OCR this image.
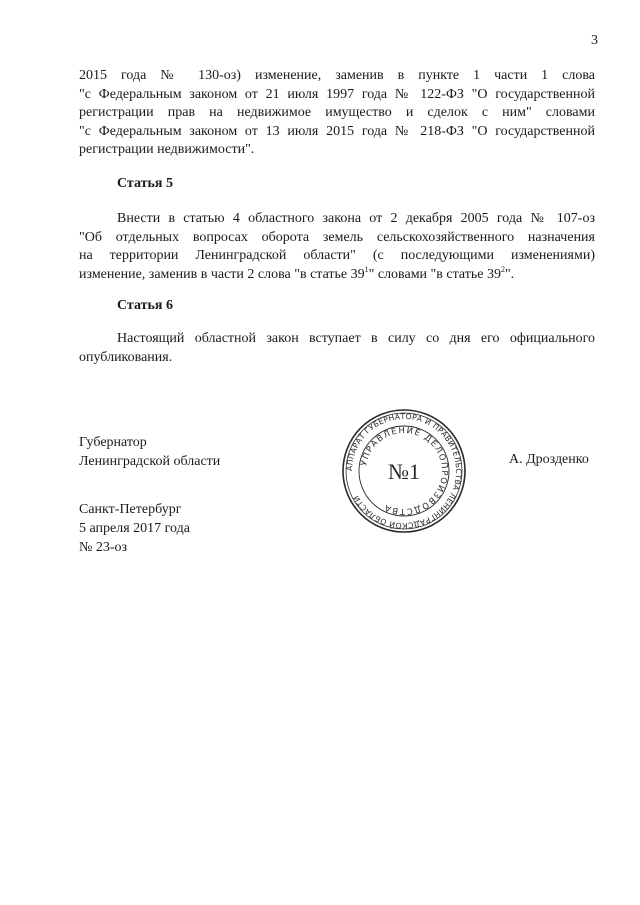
3
2015 года № 130-оз) изменение, заменив в пункте 1 части 1 слова
"с Федеральным законом от 21 июля 1997 года № 122-ФЗ "О государственной
регистрации прав на недвижимое имущество и сделок с ним" словами
"с Федеральным законом от 13 июля 2015 года № 218-ФЗ "О государственной
регистрации недвижимости".
Статья 5
Внести в статью 4 областного закона от 2 декабря 2005 года № 107-оз
"Об отдельных вопросах оборота земель сельскохозяйственного назначения
на территории Ленинградской области" (с последующими изменениями)
изменение, заменив в части 2 слова "в статье $39^1$" словами "в статье $39^2$".
Статья 6
Настоящий областной закон вступает в силу со дня его официального
опубликования.
Губернатор
Ленинградской области	А. Дрозденко
АППАРАТ ГУБЕРНАТОРА И ПРАВИТЕЛЬСТВА ЛЕНИНГРАДСКОЙ ОБЛАСТИ
УПРАВЛЕНИЕ ДЕЛОПРОИЗВОДСТВА
№1
Санкт-Петербург
5 апреля 2017 года
№ 23-оз
